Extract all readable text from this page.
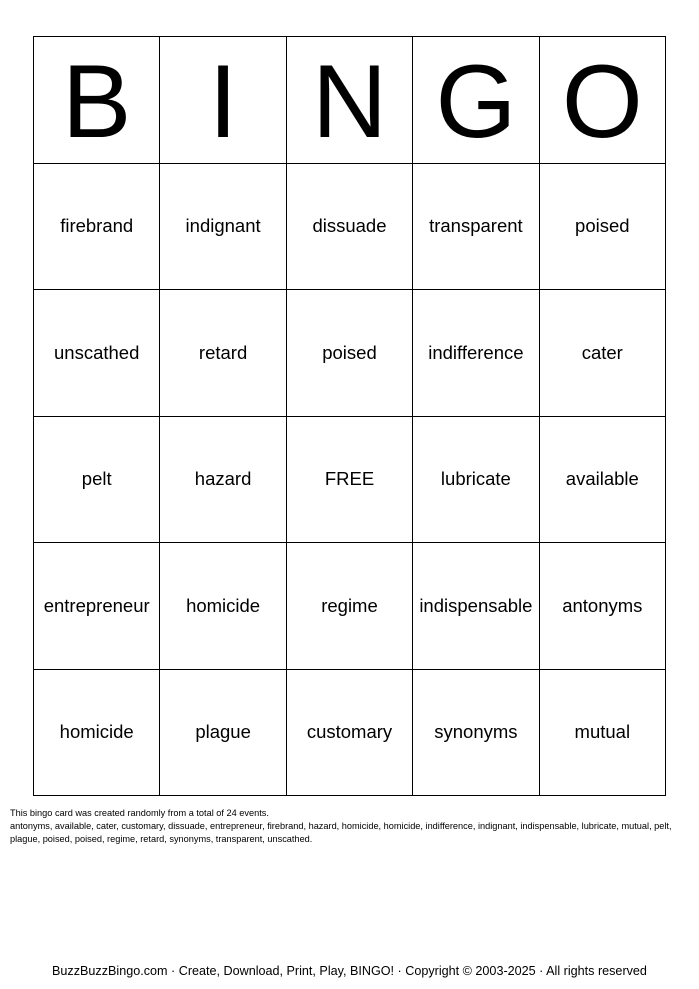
B I N G O
firebrand	indignant	dissuade	transparent	poised
unscathed	retard	poised	indifference	cater
pelt	hazard	FREE	lubricate	available
entrepreneur	homicide	regime	indispensable	antonyms
homicide	plague	customary	synonyms	mutual

This bingo card was created randomly from a total of 24 events.

antonyms, available, cater, customary, dissuade, entrepreneur, firebrand, hazard, homicide, homicide, indifference, indignant, indispensable, lubricate, mutual, pelt, plague, poised, poised, regime, retard, synonyms, transparent, unscathed.

BuzzBuzzBingo.com · Create, Download, Print, Play, BINGO! · Copyright © 2003-2025 · All rights reserved
